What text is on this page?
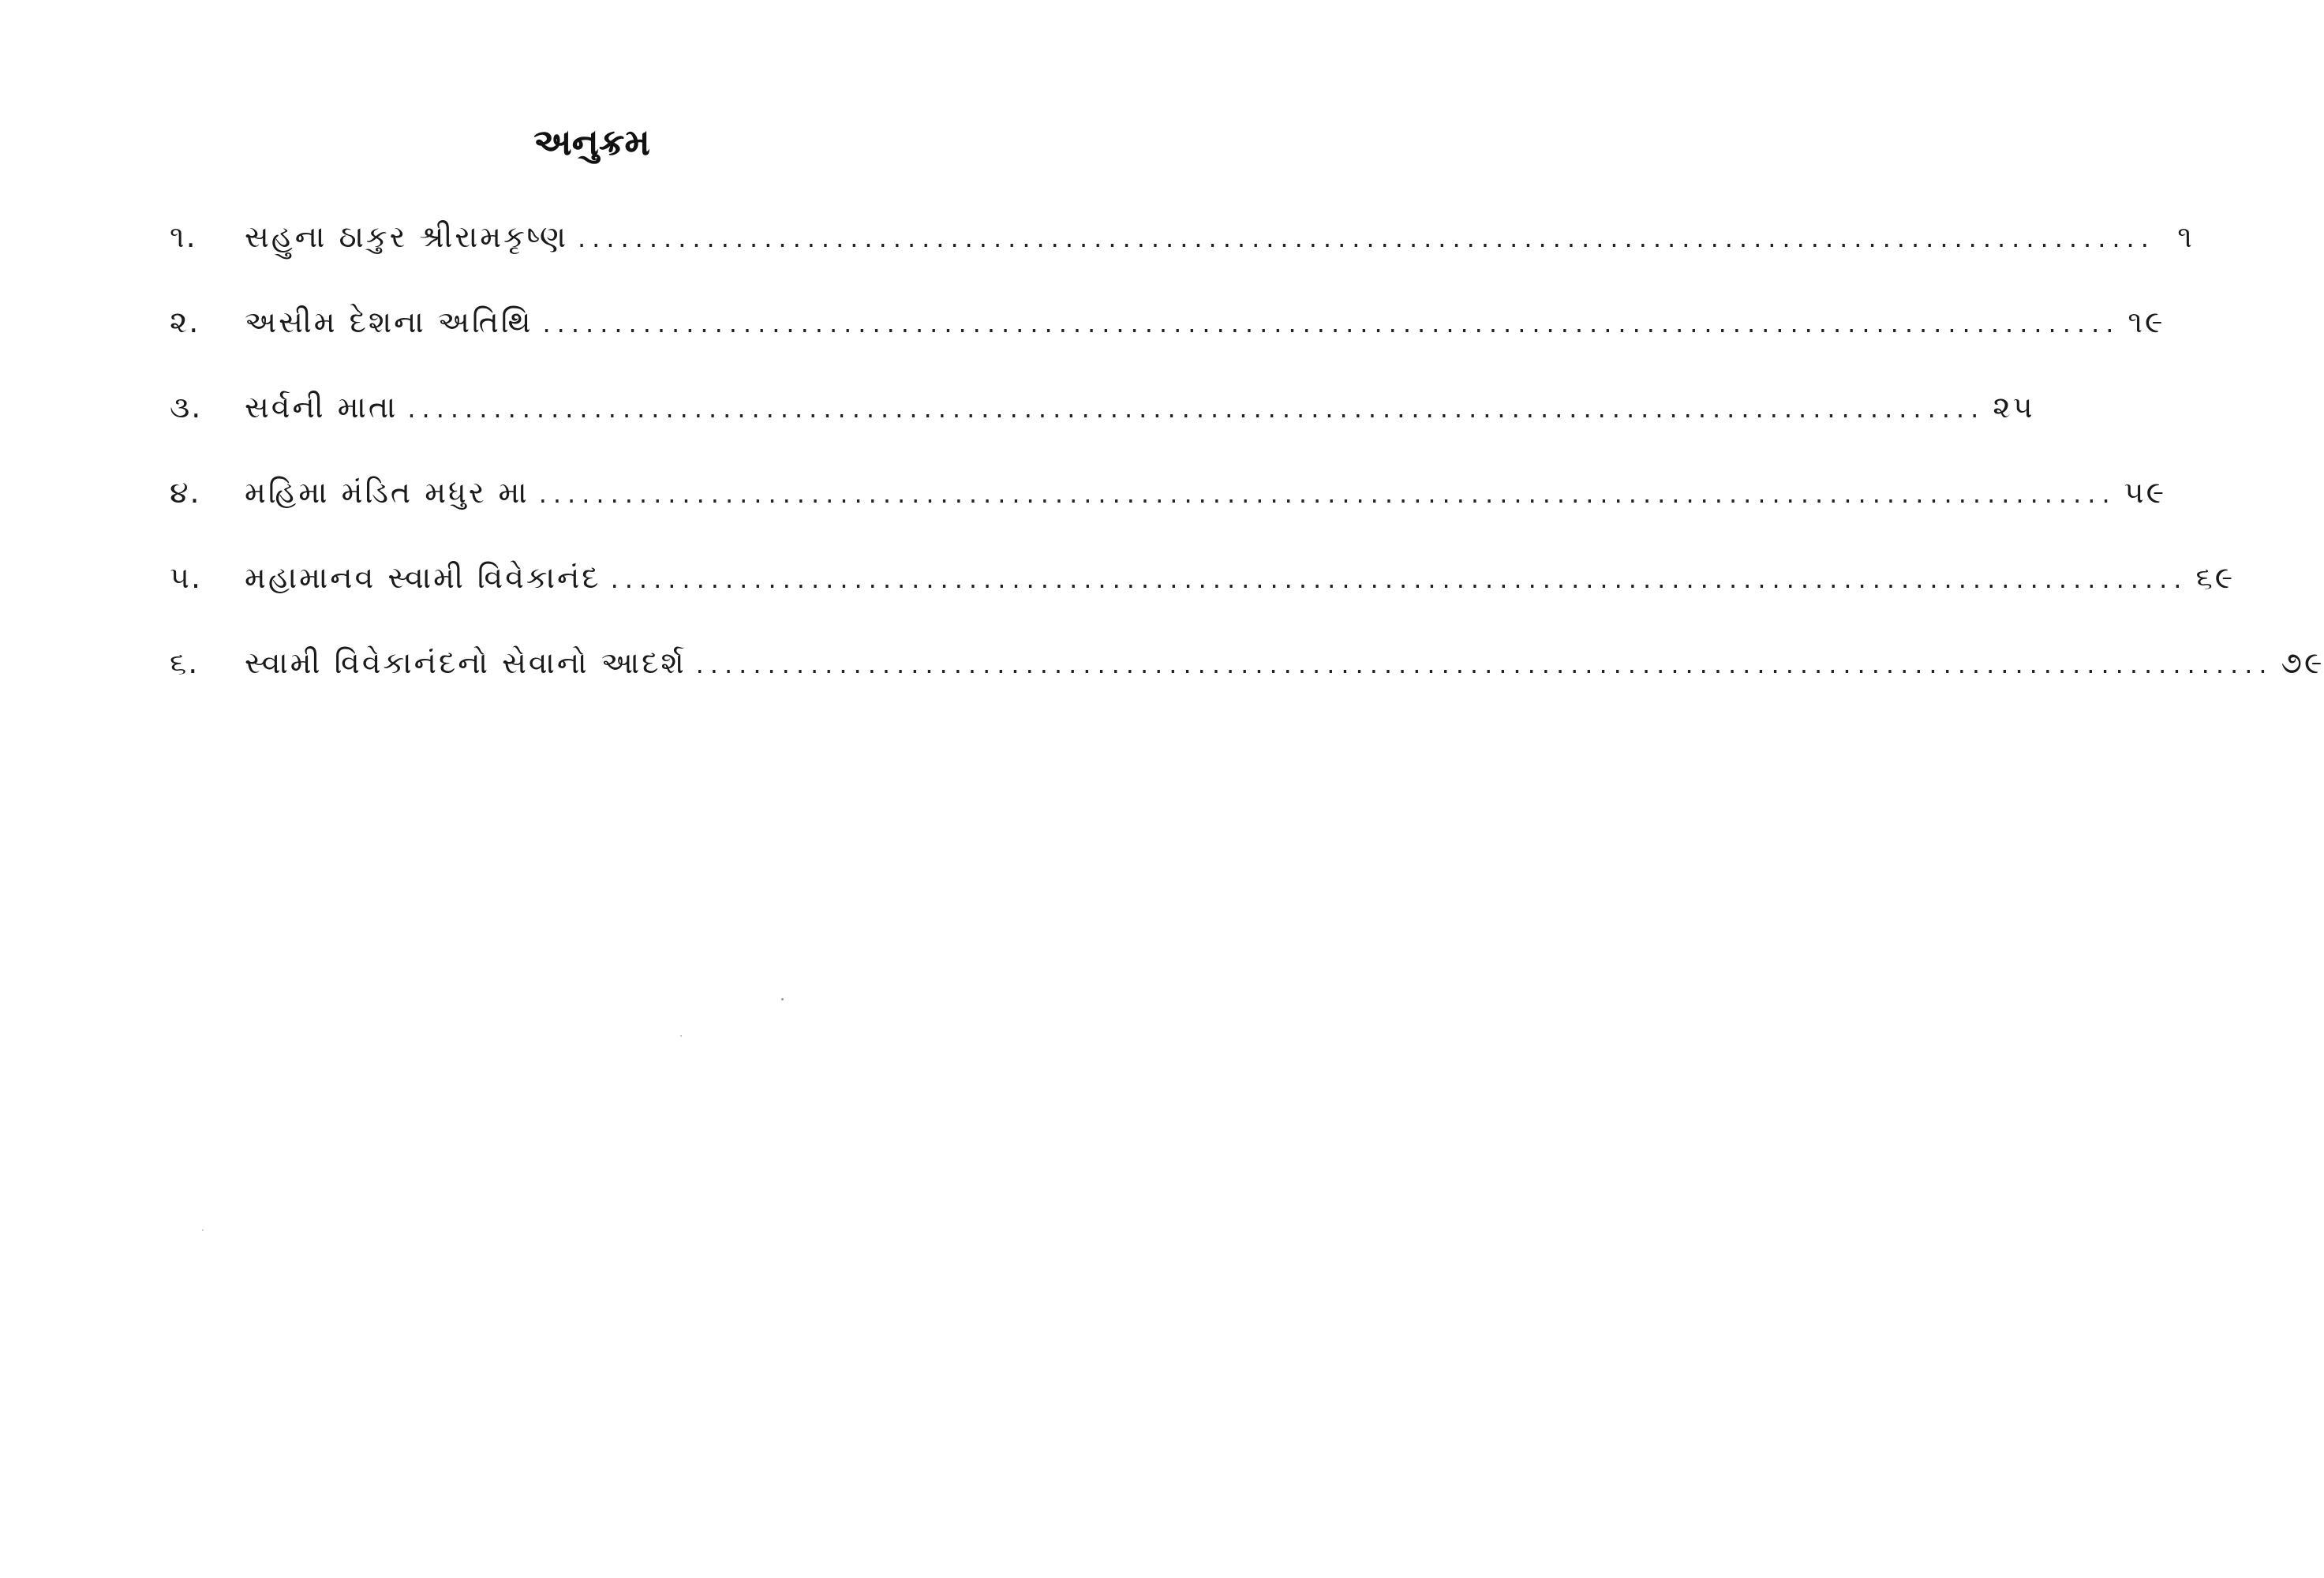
અનુક્રમ
૧.	સહુના ઠાકુર શ્રીરામકૃષ્ણ .............................................................................................................. ૧
૨.	અસીમ દેશના અતિથિ .............................................................................................................. ૧૯
૩.	સર્વની માતા .............................................................................................................. ૨૫
૪.	મહિમા મંડિત મધુર મા .............................................................................................................. ૫૯
૫.	મહામાનવ સ્વામી વિવેકાનંદ .............................................................................................................. ૬૯
૬.	સ્વામી વિવેકાનંદનો સેવાનો આદર્શ .............................................................................................................. ૭૯
